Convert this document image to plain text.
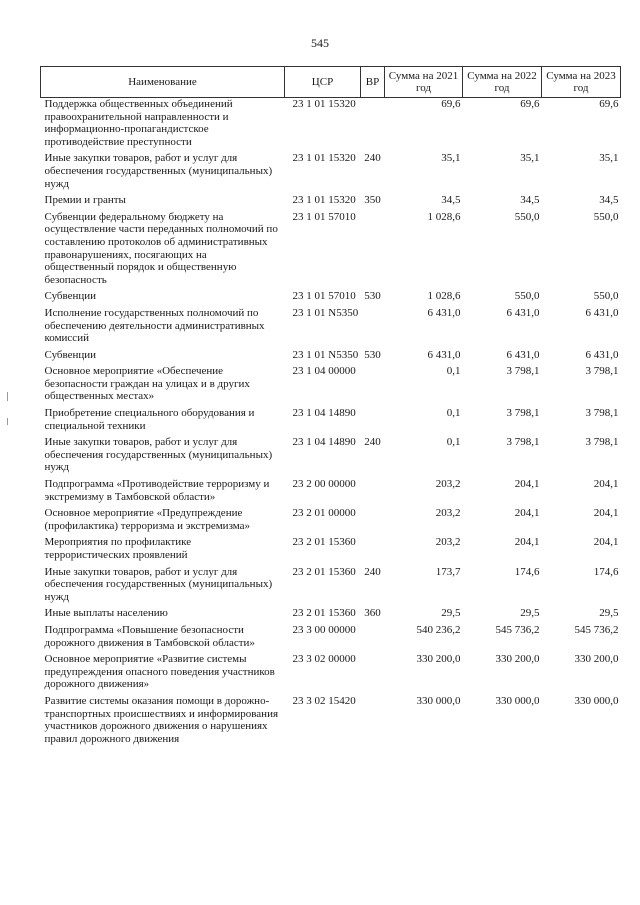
545
Наименование	ЦСР	ВР	Сумма на 2021 год	Сумма на 2022 год	Сумма на 2023 год
Поддержка общественных объединений правоохранительной направленности и информационно-пропагандистское противодействие преступности	23 1 01 15320		69,6	69,6	69,6
Иные закупки товаров, работ и услуг для обеспечения государственных (муниципальных) нужд	23 1 01 15320	240	35,1	35,1	35,1
Премии и гранты	23 1 01 15320	350	34,5	34,5	34,5
Субвенции федеральному бюджету на осуществление части переданных полномочий по составлению протоколов об административных правонарушениях, посягающих на общественный порядок и общественную безопасность	23 1 01 57010		1 028,6	550,0	550,0
Субвенции	23 1 01 57010	530	1 028,6	550,0	550,0
Исполнение государственных полномочий по обеспечению деятельности административных комиссий	23 1 01 N5350		6 431,0	6 431,0	6 431,0
Субвенции	23 1 01 N5350	530	6 431,0	6 431,0	6 431,0
Основное мероприятие «Обеспечение безопасности граждан на улицах и в других общественных местах»	23 1 04 00000		0,1	3 798,1	3 798,1
Приобретение специального оборудования и специальной техники	23 1 04 14890		0,1	3 798,1	3 798,1
Иные закупки товаров, работ и услуг для обеспечения государственных (муниципальных) нужд	23 1 04 14890	240	0,1	3 798,1	3 798,1
Подпрограмма «Противодействие терроризму и экстремизму в Тамбовской области»	23 2 00 00000		203,2	204,1	204,1
Основное мероприятие «Предупреждение (профилактика) терроризма и экстремизма»	23 2 01 00000		203,2	204,1	204,1
Мероприятия по профилактике террористических проявлений	23 2 01 15360		203,2	204,1	204,1
Иные закупки товаров, работ и услуг для обеспечения государственных (муниципальных) нужд	23 2 01 15360	240	173,7	174,6	174,6
Иные выплаты населению	23 2 01 15360	360	29,5	29,5	29,5
Подпрограмма «Повышение безопасности дорожного движения в Тамбовской области»	23 3 00 00000		540 236,2	545 736,2	545 736,2
Основное мероприятие «Развитие системы предупреждения опасного поведения участников дорожного движения»	23 3 02 00000		330 200,0	330 200,0	330 200,0
Развитие системы оказания помощи в дорожно-транспортных происшествиях и информирования участников дорожного движения о нарушениях правил дорожного движения	23 3 02 15420		330 000,0	330 000,0	330 000,0
